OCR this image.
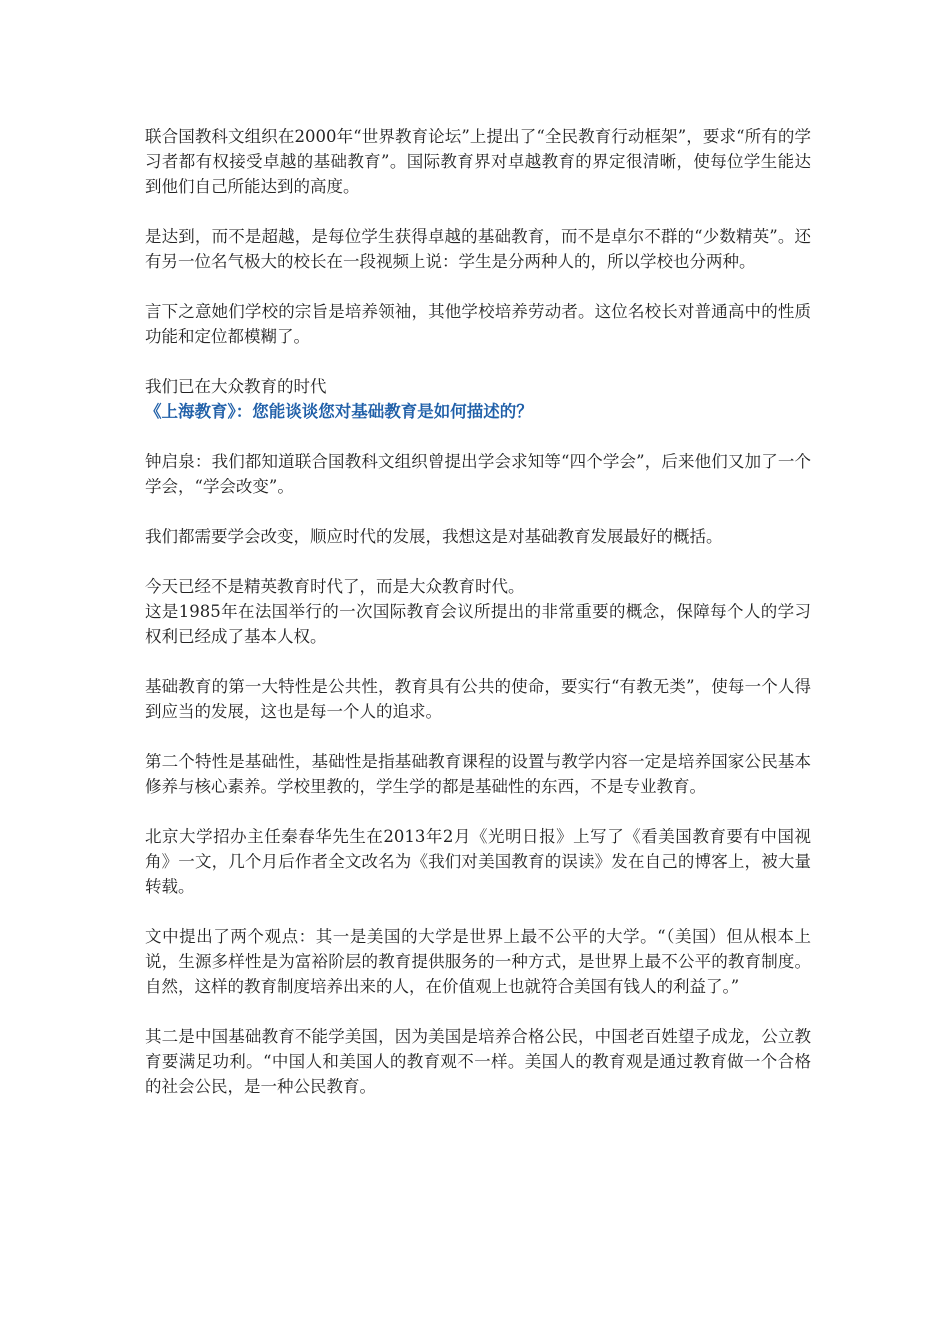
联合国教科文组织在2000年“世界教育论坛”上提出了“全民教育行动框架”，要求“所有的学习者都有权接受卓越的基础教育”。国际教育界对卓越教育的界定很清晰，使每位学生能达到他们自己所能达到的高度。

是达到，而不是超越，是每位学生获得卓越的基础教育，而不是卓尔不群的“少数精英”。还有另一位名气极大的校长在一段视频上说：学生是分两种人的，所以学校也分两种。

言下之意她们学校的宗旨是培养领袖，其他学校培养劳动者。这位名校长对普通高中的性质功能和定位都模糊了。

我们已在大众教育的时代

《上海教育》：您能谈谈您对基础教育是如何描述的？

钟启泉：我们都知道联合国教科文组织曾提出学会求知等“四个学会”，后来他们又加了一个学会，“学会改变”。

我们都需要学会改变，顺应时代的发展，我想这是对基础教育发展最好的概括。

今天已经不是精英教育时代了，而是大众教育时代。

这是1985年在法国举行的一次国际教育会议所提出的非常重要的概念，保障每个人的学习权利已经成了基本人权。

基础教育的第一大特性是公共性，教育具有公共的使命，要实行“有教无类”，使每一个人得到应当的发展，这也是每一个人的追求。

第二个特性是基础性，基础性是指基础教育课程的设置与教学内容一定是培养国家公民基本修养与核心素养。学校里教的，学生学的都是基础性的东西，不是专业教育。

北京大学招办主任秦春华先生在2013年2月《光明日报》上写了《看美国教育要有中国视角》一文，几个月后作者全文改名为《我们对美国教育的误读》发在自己的博客上，被大量转载。

文中提出了两个观点：其一是美国的大学是世界上最不公平的大学。“（美国）但从根本上说，生源多样性是为富裕阶层的教育提供服务的一种方式，是世界上最不公平的教育制度。自然，这样的教育制度培养出来的人，在价值观上也就符合美国有钱人的利益了。”

其二是中国基础教育不能学美国，因为美国是培养合格公民，中国老百姓望子成龙，公立教育要满足功利。“中国人和美国人的教育观不一样。美国人的教育观是通过教育做一个合格的社会公民，是一种公民教育。
